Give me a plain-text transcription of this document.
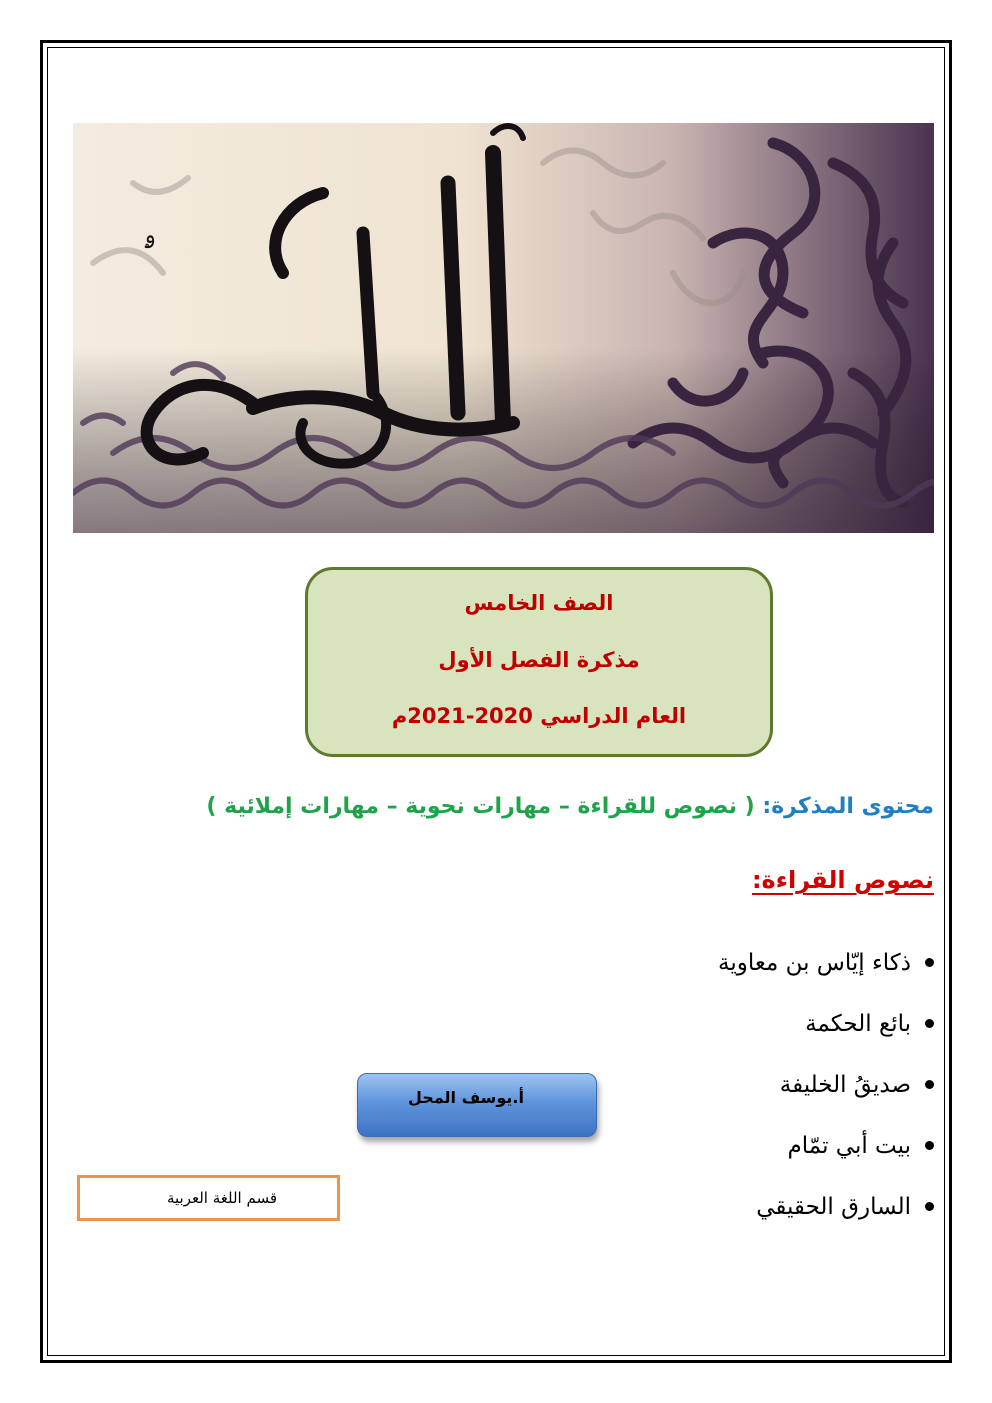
ۄ
اللغة العربية
الصف الخامس
مذكرة الفصل الأول
العام الدراسي 2020-2021م
محتوى المذكرة: ( نصوص للقراءة – مهارات نحوية – مهارات إملائية )
نصوص القراءة:
ذكاء إيّاس بن معاوية
بائع الحكمة
صديقُ الخليفة
بيت أبي تمّام
السارق الحقيقي
أ.يوسف المحل
قسم اللغة العربية
